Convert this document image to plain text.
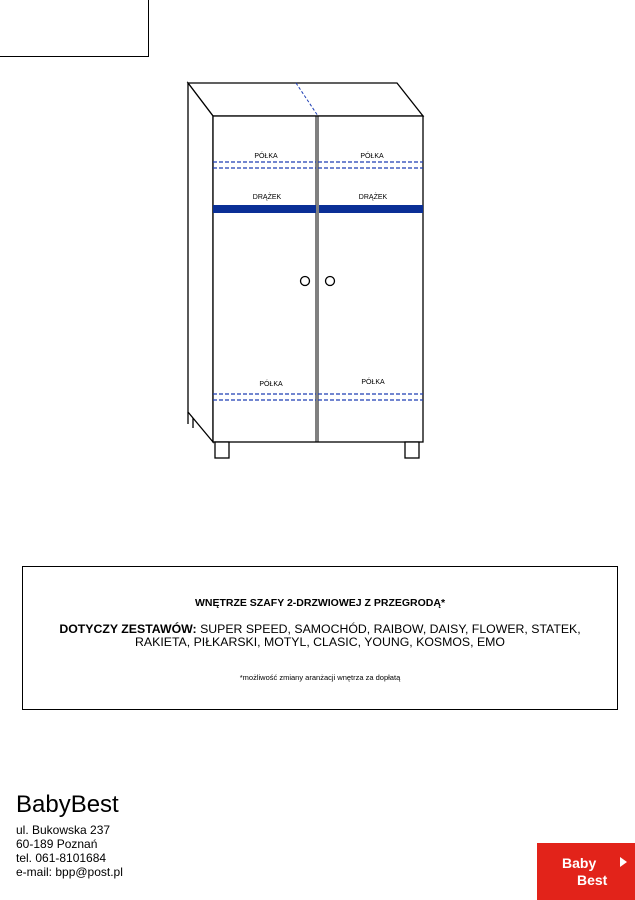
PÓŁKA	PÓŁKA
DRĄŻEK	DRĄŻEK
PÓŁKA	PÓŁKA
WNĘTRZE SZAFY 2-DRZWIOWEJ Z PRZEGRODĄ*
DOTYCZY ZESTAWÓW: SUPER SPEED, SAMOCHÓD, RAIBOW, DAISY, FLOWER, STATEK, RAKIETA, PIŁKARSKI, MOTYL, CLASIC, YOUNG, KOSMOS, EMO
*możliwość zmiany aranżacji wnętrza za dopłatą
BabyBest
ul. Bukowska 237
60-189 Poznań
tel. 061-8101684
e-mail: bpp@post.pl
Baby
Best
